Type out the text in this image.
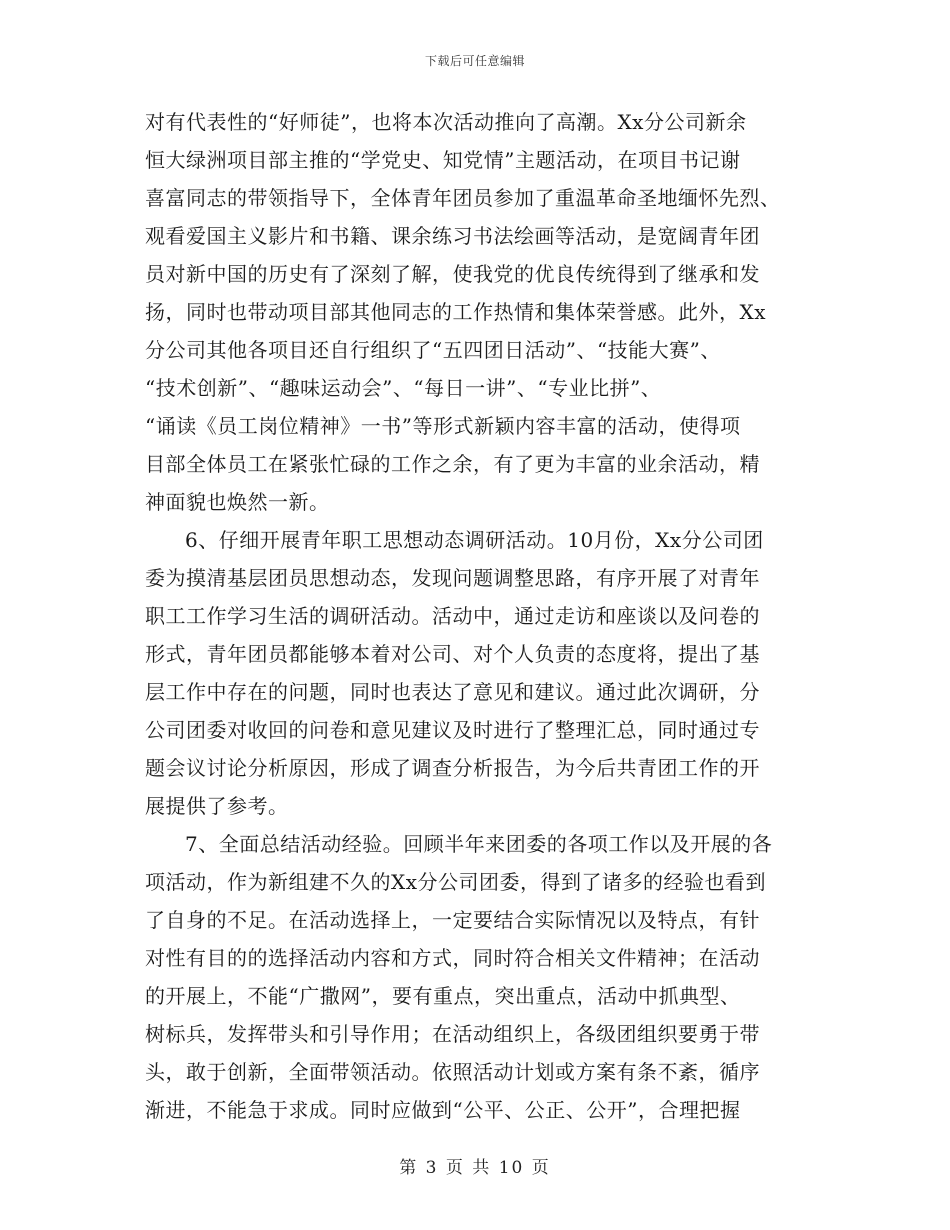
下载后可任意编辑
对有代表性的“好师徒”，也将本次活动推向了高潮。Xx分公司新余
恒大绿洲项目部主推的“学党史、知党情”主题活动，在项目书记谢
喜富同志的带领指导下，全体青年团员参加了重温革命圣地缅怀先烈、
观看爱国主义影片和书籍、课余练习书法绘画等活动，是宽阔青年团
员对新中国的历史有了深刻了解，使我党的优良传统得到了继承和发
扬，同时也带动项目部其他同志的工作热情和集体荣誉感。此外，Xx
分公司其他各项目还自行组织了“五四团日活动”、“技能大赛”、
“技术创新”、“趣味运动会”、“每日一讲”、“专业比拼”、
“诵读《员工岗位精神》一书”等形式新颖内容丰富的活动，使得项
目部全体员工在紧张忙碌的工作之余，有了更为丰富的业余活动，精
神面貌也焕然一新。
6、仔细开展青年职工思想动态调研活动。10月份，Xx分公司团
委为摸清基层团员思想动态，发现问题调整思路，有序开展了对青年
职工工作学习生活的调研活动。活动中，通过走访和座谈以及问卷的
形式，青年团员都能够本着对公司、对个人负责的态度将，提出了基
层工作中存在的问题，同时也表达了意见和建议。通过此次调研，分
公司团委对收回的问卷和意见建议及时进行了整理汇总，同时通过专
题会议讨论分析原因，形成了调查分析报告，为今后共青团工作的开
展提供了参考。
7、全面总结活动经验。回顾半年来团委的各项工作以及开展的各
项活动，作为新组建不久的Xx分公司团委，得到了诸多的经验也看到
了自身的不足。在活动选择上，一定要结合实际情况以及特点，有针
对性有目的的选择活动内容和方式，同时符合相关文件精神；在活动
的开展上，不能“广撒网”，要有重点，突出重点，活动中抓典型、
树标兵，发挥带头和引导作用；在活动组织上，各级团组织要勇于带
头，敢于创新，全面带领活动。依照活动计划或方案有条不紊，循序
渐进，不能急于求成。同时应做到“公平、公正、公开”，合理把握
第 3 页 共 10 页
